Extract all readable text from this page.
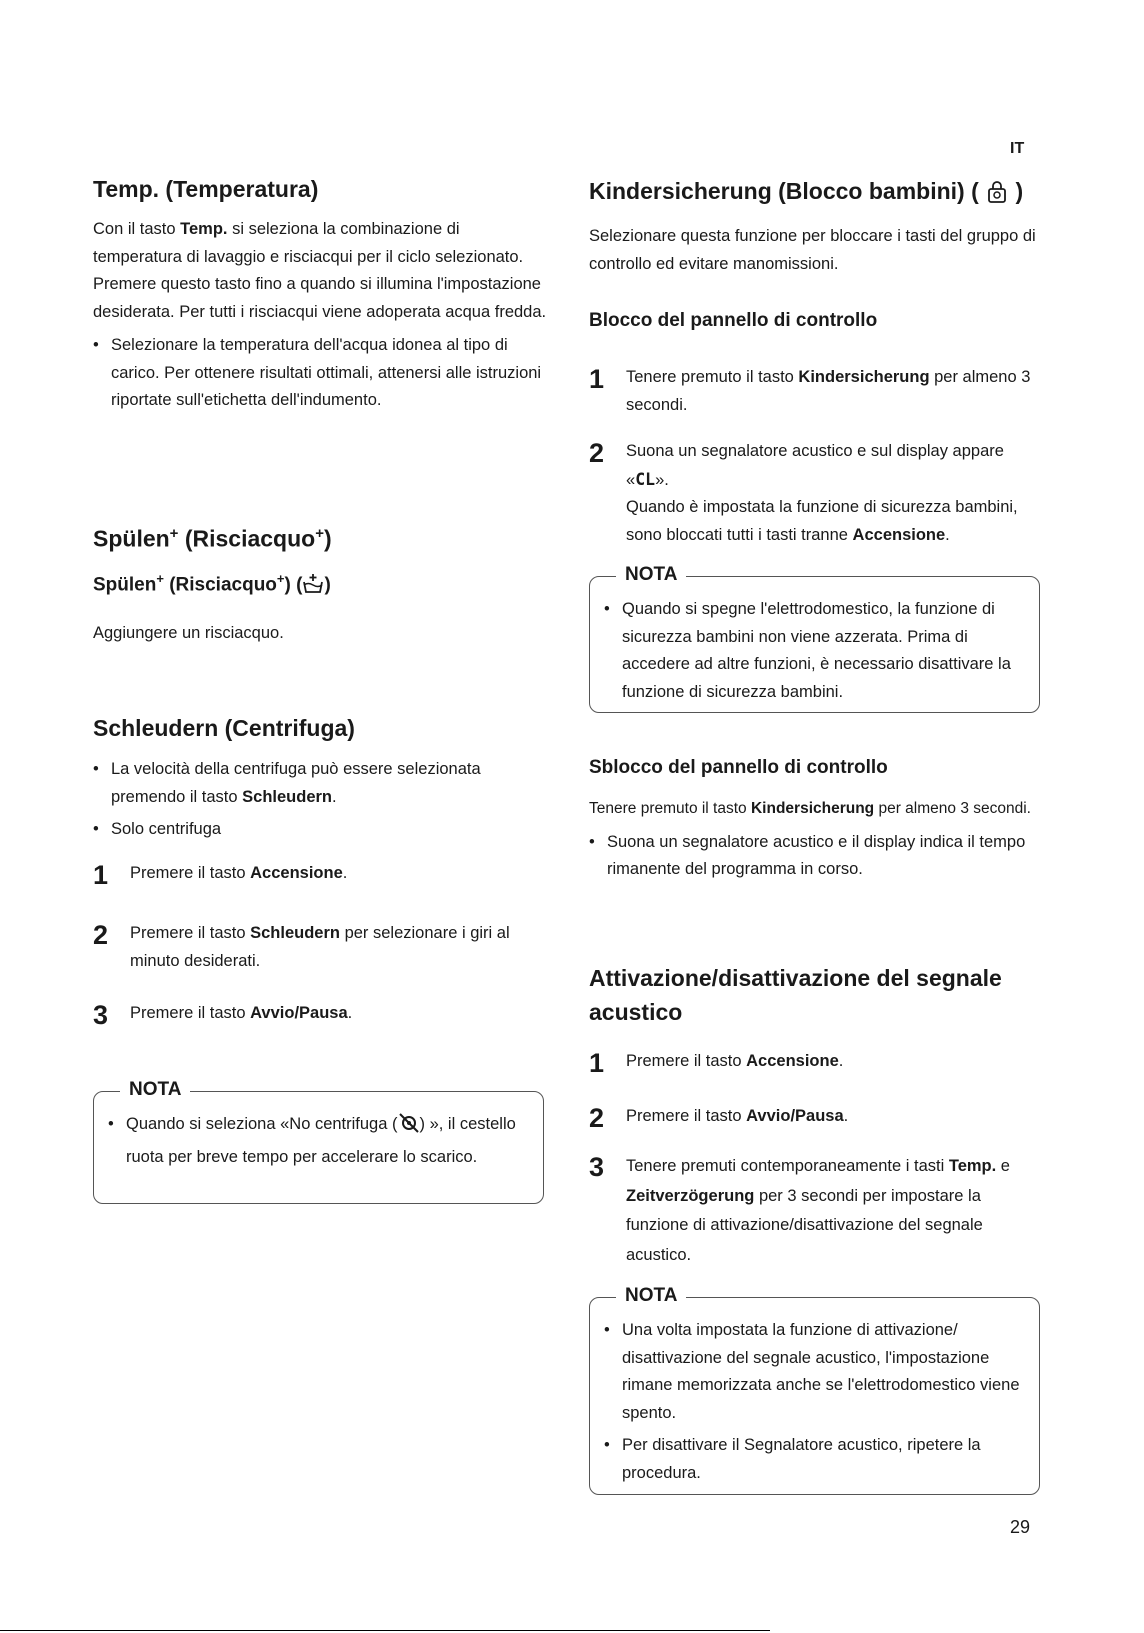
IT
Temp. (Temperatura)
Con il tasto Temp. si seleziona la combinazione di temperatura di lavaggio e risciacqui per il ciclo selezionato. Premere questo tasto fino a quando si illumina l'impostazione desiderata. Per tutti i risciacqui viene adoperata acqua fredda.
• Selezionare la temperatura dell'acqua idonea al tipo di carico. Per ottenere risultati ottimali, attenersi alle istruzioni riportate sull'etichetta dell'indumento.
Spülen+ (Risciacquo+)
Spülen+ (Risciacquo+) ( )
Aggiungere un risciacquo.
Schleudern (Centrifuga)
• La velocità della centrifuga può essere selezionata premendo il tasto Schleudern.
• Solo centrifuga
1 Premere il tasto Accensione.
2 Premere il tasto Schleudern per selezionare i giri al minuto desiderati.
3 Premere il tasto Avvio/Pausa.
NOTA
• Quando si seleziona «No centrifuga ( ) », il cestello ruota per breve tempo per accelerare lo scarico.
Kindersicherung (Blocco bambini) ( )
Selezionare questa funzione per bloccare i tasti del gruppo di controllo ed evitare manomissioni.
Blocco del pannello di controllo
1 Tenere premuto il tasto Kindersicherung per almeno 3 secondi.
2 Suona un segnalatore acustico e sul display appare «CL».
Quando è impostata la funzione di sicurezza bambini, sono bloccati tutti i tasti tranne Accensione.
NOTA
• Quando si spegne l'elettrodomestico, la funzione di sicurezza bambini non viene azzerata. Prima di accedere ad altre funzioni, è necessario disattivare la funzione di sicurezza bambini.
Sblocco del pannello di controllo
Tenere premuto il tasto Kindersicherung per almeno 3 secondi.
• Suona un segnalatore acustico e il display indica il tempo rimanente del programma in corso.
Attivazione/disattivazione del segnale acustico
1 Premere il tasto Accensione.
2 Premere il tasto Avvio/Pausa.
3 Tenere premuti contemporaneamente i tasti Temp. e Zeitverzögerung per 3 secondi per impostare la funzione di attivazione/disattivazione del segnale acustico.
NOTA
• Una volta impostata la funzione di attivazione/ disattivazione del segnale acustico, l'impostazione rimane memorizzata anche se l'elettrodomestico viene spento.
• Per disattivare il Segnalatore acustico, ripetere la procedura.
29
